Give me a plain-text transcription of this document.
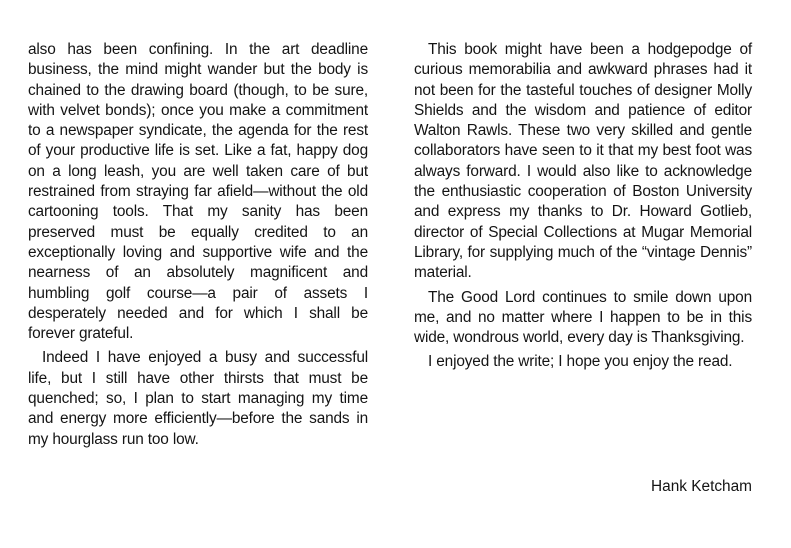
also has been confining. In the art deadline business, the mind might wander but the body is chained to the drawing board (though, to be sure, with velvet bonds); once you make a commitment to a newspaper syndicate, the agenda for the rest of your productive life is set. Like a fat, happy dog on a long leash, you are well taken care of but restrained from straying far afield—without the old cartooning tools. That my sanity has been preserved must be equally credited to an exceptionally loving and supportive wife and the nearness of an absolutely magnificent and humbling golf course—a pair of assets I desperately needed and for which I shall be forever grateful.

Indeed I have enjoyed a busy and successful life, but I still have other thirsts that must be quenched; so, I plan to start managing my time and energy more efficiently—before the sands in my hourglass run too low.

This book might have been a hodgepodge of curious memorabilia and awkward phrases had it not been for the tasteful touches of designer Molly Shields and the wisdom and patience of editor Walton Rawls. These two very skilled and gentle collaborators have seen to it that my best foot was always forward. I would also like to acknowledge the enthusiastic cooperation of Boston University and express my thanks to Dr. Howard Gotlieb, director of Special Collections at Mugar Memorial Library, for supplying much of the “vintage Dennis” material.

The Good Lord continues to smile down upon me, and no matter where I happen to be in this wide, wondrous world, every day is Thanksgiving.

I enjoyed the write; I hope you enjoy the read.

Hank Ketcham
